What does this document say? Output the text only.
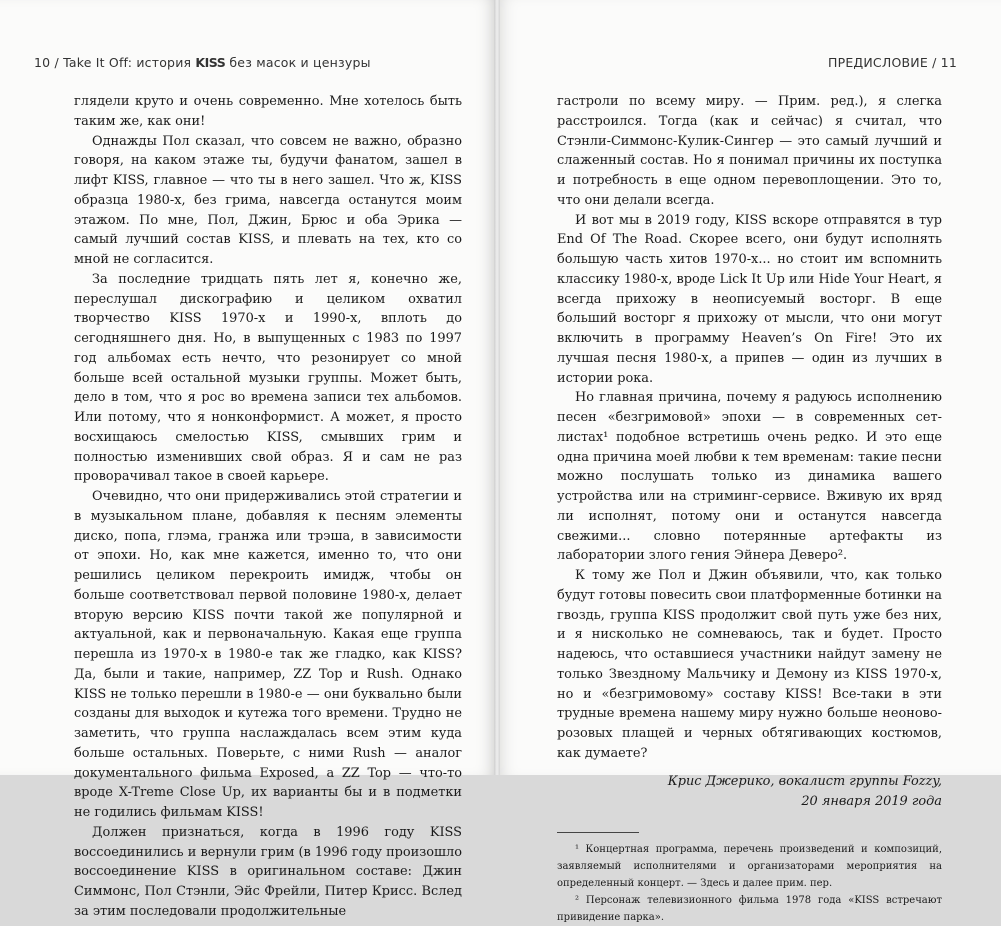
10 / Take It Off: история KISS без масок и цензуры

глядели круто и очень современно. Мне хотелось быть таким же, как они!

Однажды Пол сказал, что совсем не важно, образно говоря, на каком этаже ты, будучи фанатом, зашел в лифт KISS, главное — что ты в него зашел. Что ж, KISS образца 1980-х, без грима, навсегда останутся моим этажом. По мне, Пол, Джин, Брюс и оба Эрика — самый лучший состав KISS, и плевать на тех, кто со мной не согласится.

За последние тридцать пять лет я, конечно же, переслушал дискографию и целиком охватил творчество KISS 1970-х и 1990-х, вплоть до сегодняшнего дня. Но, в выпущенных с 1983 по 1997 год альбомах есть нечто, что резонирует со мной больше всей остальной музыки группы. Может быть, дело в том, что я рос во времена записи тех альбомов. Или потому, что я нонконформист. А может, я просто восхищаюсь смелостью KISS, смывших грим и полностью изменивших свой образ. Я и сам не раз проворачивал такое в своей карьере.

Очевидно, что они придерживались этой стратегии и в музыкальном плане, добавляя к песням элементы диско, попа, глэма, гранжа или трэша, в зависимости от эпохи. Но, как мне кажется, именно то, что они решились целиком перекроить имидж, чтобы он больше соответствовал первой половине 1980-х, делает вторую версию KISS почти такой же популярной и актуальной, как и первоначальную. Какая еще группа перешла из 1970-х в 1980-е так же гладко, как KISS? Да, были и такие, например, ZZ Top и Rush. Однако KISS не только перешли в 1980-е — они буквально были созданы для выходок и кутежа того времени. Трудно не заметить, что группа наслаждалась всем этим куда больше остальных. Поверьте, с ними Rush — аналог документального фильма Exposed, а ZZ Top — что-то вроде X-Treme Close Up, их варианты бы и в подметки не годились фильмам KISS!

Должен признаться, когда в 1996 году KISS воссоединились и вернули грим (в 1996 году произошло воссоединение KISS в оригинальном составе: Джин Симмонс, Пол Стэнли, Эйс Фрейли, Питер Крисс. Вслед за этим последовали продолжительные

ПРЕДИСЛОВИЕ / 11

гастроли по всему миру. — Прим. ред.), я слегка расстроился. Тогда (как и сейчас) я считал, что Стэнли-Симмонс-Кулик-Сингер — это самый лучший и слаженный состав. Но я понимал причины их поступка и потребность в еще одном перевоплощении. Это то, что они делали всегда.

И вот мы в 2019 году, KISS вскоре отправятся в тур End Of The Road. Скорее всего, они будут исполнять большую часть хитов 1970-х... но стоит им вспомнить классику 1980-х, вроде Lick It Up или Hide Your Heart, я всегда прихожу в неописуемый восторг. В еще больший восторг я прихожу от мысли, что они могут включить в программу Heaven’s On Fire! Это их лучшая песня 1980-х, а припев — один из лучших в истории рока.

Но главная причина, почему я радуюсь исполнению песен «безгримовой» эпохи — в современных сет-листах¹ подобное встретишь очень редко. И это еще одна причина моей любви к тем временам: такие песни можно послушать только из динамика вашего устройства или на стриминг-сервисе. Вживую их вряд ли исполнят, потому они и останутся навсегда свежими... словно потерянные артефакты из лаборатории злого гения Эйнера Деверо².

К тому же Пол и Джин объявили, что, как только будут готовы повесить свои платформенные ботинки на гвоздь, группа KISS продолжит свой путь уже без них, и я нисколько не сомневаюсь, так и будет. Просто надеюсь, что оставшиеся участники найдут замену не только Звездному Мальчику и Демону из KISS 1970-х, но и «безгримовому» составу KISS! Все-таки в эти трудные времена нашему миру нужно больше неоново-розовых плащей и черных обтягивающих костюмов, как думаете?

Крис Джерико, вокалист группы Fozzy,
20 января 2019 года

¹ Концертная программа, перечень произведений и композиций, заявляемый исполнителями и организаторами мероприятия на определенный концерт. — Здесь и далее прим. пер.

² Персонаж телевизионного фильма 1978 года «KISS встречают привидение парка».
